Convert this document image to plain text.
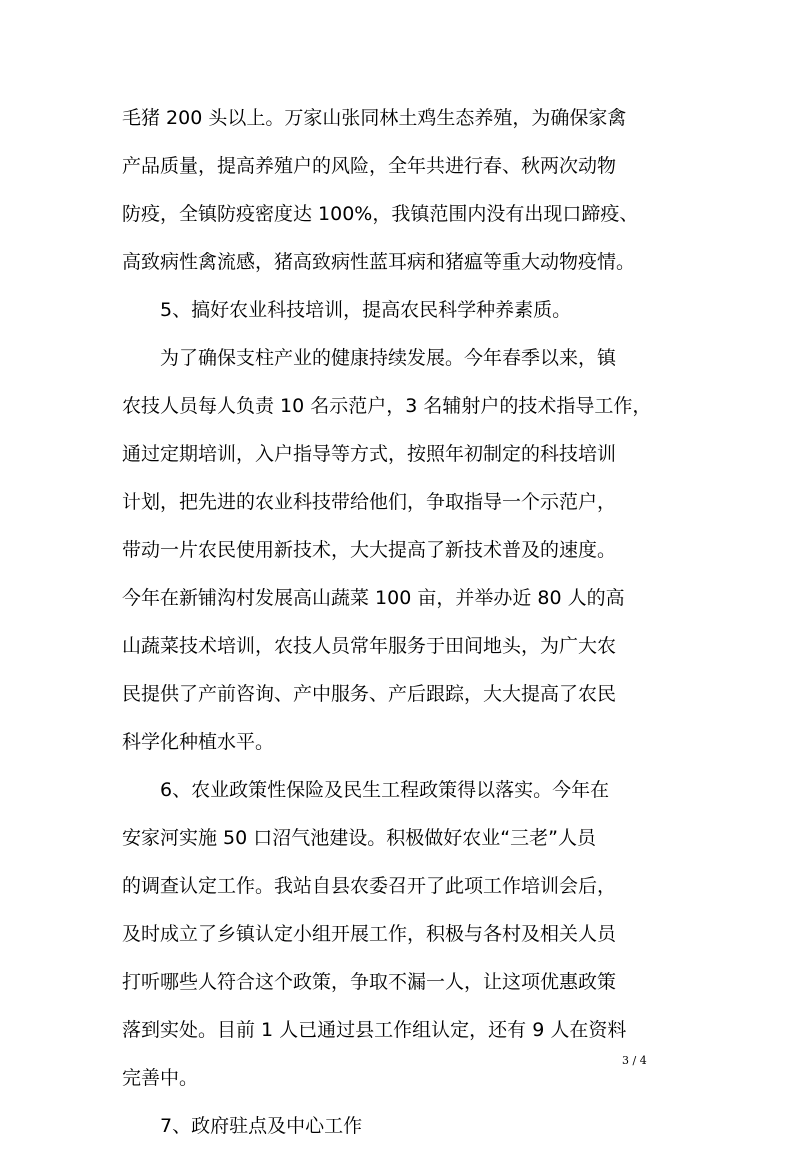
毛猪 200 头以上。万家山张同林土鸡生态养殖，为确保家禽
产品质量，提高养殖户的风险，全年共进行春、秋两次动物
防疫，全镇防疫密度达 100%，我镇范围内没有出现口蹄疫、
高致病性禽流感，猪高致病性蓝耳病和猪瘟等重大动物疫情。
5、搞好农业科技培训，提高农民科学种养素质。
为了确保支柱产业的健康持续发展。今年春季以来，镇
农技人员每人负责 10 名示范户，3 名辅射户的技术指导工作，
通过定期培训，入户指导等方式，按照年初制定的科技培训
计划，把先进的农业科技带给他们，争取指导一个示范户，
带动一片农民使用新技术，大大提高了新技术普及的速度。
今年在新铺沟村发展高山蔬菜 100 亩，并举办近 80 人的高
山蔬菜技术培训，农技人员常年服务于田间地头，为广大农
民提供了产前咨询、产中服务、产后跟踪，大大提高了农民
科学化种植水平。
6、农业政策性保险及民生工程政策得以落实。今年在
安家河实施 50 口沼气池建设。积极做好农业“三老”人员
的调查认定工作。我站自县农委召开了此项工作培训会后，
及时成立了乡镇认定小组开展工作，积极与各村及相关人员
打听哪些人符合这个政策，争取不漏一人，让这项优惠政策
落到实处。目前 1 人已通过县工作组认定，还有 9 人在资料
完善中。
7、政府驻点及中心工作
3 / 4
